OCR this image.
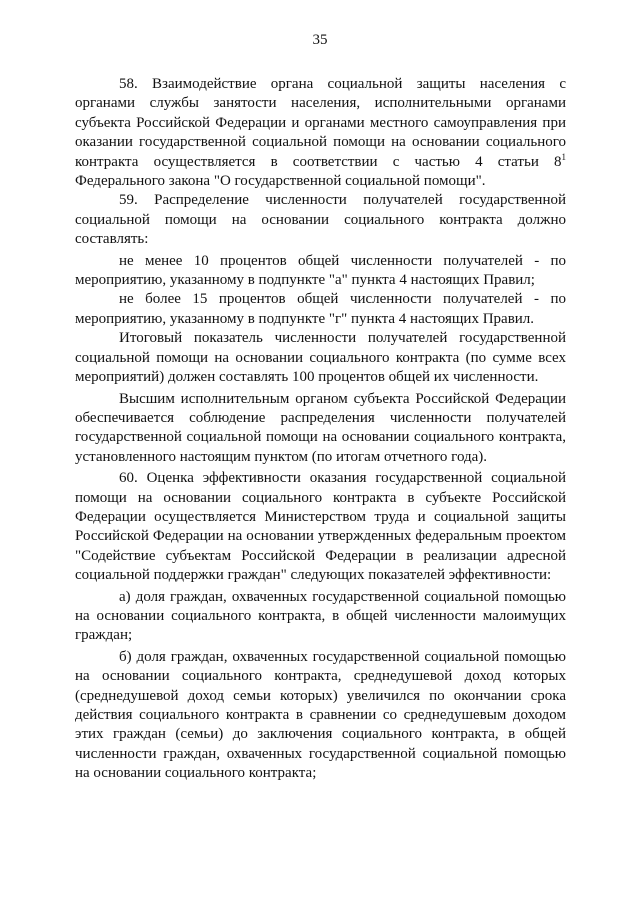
35

58. Взаимодействие органа социальной защиты населения с органами службы занятости населения, исполнительными органами субъекта Российской Федерации и органами местного самоуправления при оказании государственной социальной помощи на основании социального контракта осуществляется в соответствии с частью 4 статьи $8^1$ Федерального закона "О государственной социальной помощи".

59. Распределение численности получателей государственной социальной помощи на основании социального контракта должно составлять:

не менее 10 процентов общей численности получателей - по мероприятию, указанному в подпункте "а" пункта 4 настоящих Правил;

не более 15 процентов общей численности получателей - по мероприятию, указанному в подпункте "г" пункта 4 настоящих Правил.

Итоговый показатель численности получателей государственной социальной помощи на основании социального контракта (по сумме всех мероприятий) должен составлять 100 процентов общей их численности.

Высшим исполнительным органом субъекта Российской Федерации обеспечивается соблюдение распределения численности получателей государственной социальной помощи на основании социального контракта, установленного настоящим пунктом (по итогам отчетного года).

60. Оценка эффективности оказания государственной социальной помощи на основании социального контракта в субъекте Российской Федерации осуществляется Министерством труда и социальной защиты Российской Федерации на основании утвержденных федеральным проектом "Содействие субъектам Российской Федерации в реализации адресной социальной поддержки граждан" следующих показателей эффективности:

а) доля граждан, охваченных государственной социальной помощью на основании социального контракта, в общей численности малоимущих граждан;

б) доля граждан, охваченных государственной социальной помощью на основании социального контракта, среднедушевой доход которых (среднедушевой доход семьи которых) увеличился по окончании срока действия социального контракта в сравнении со среднедушевым доходом этих граждан (семьи) до заключения социального контракта, в общей численности граждан, охваченных государственной социальной помощью на основании социального контракта;
